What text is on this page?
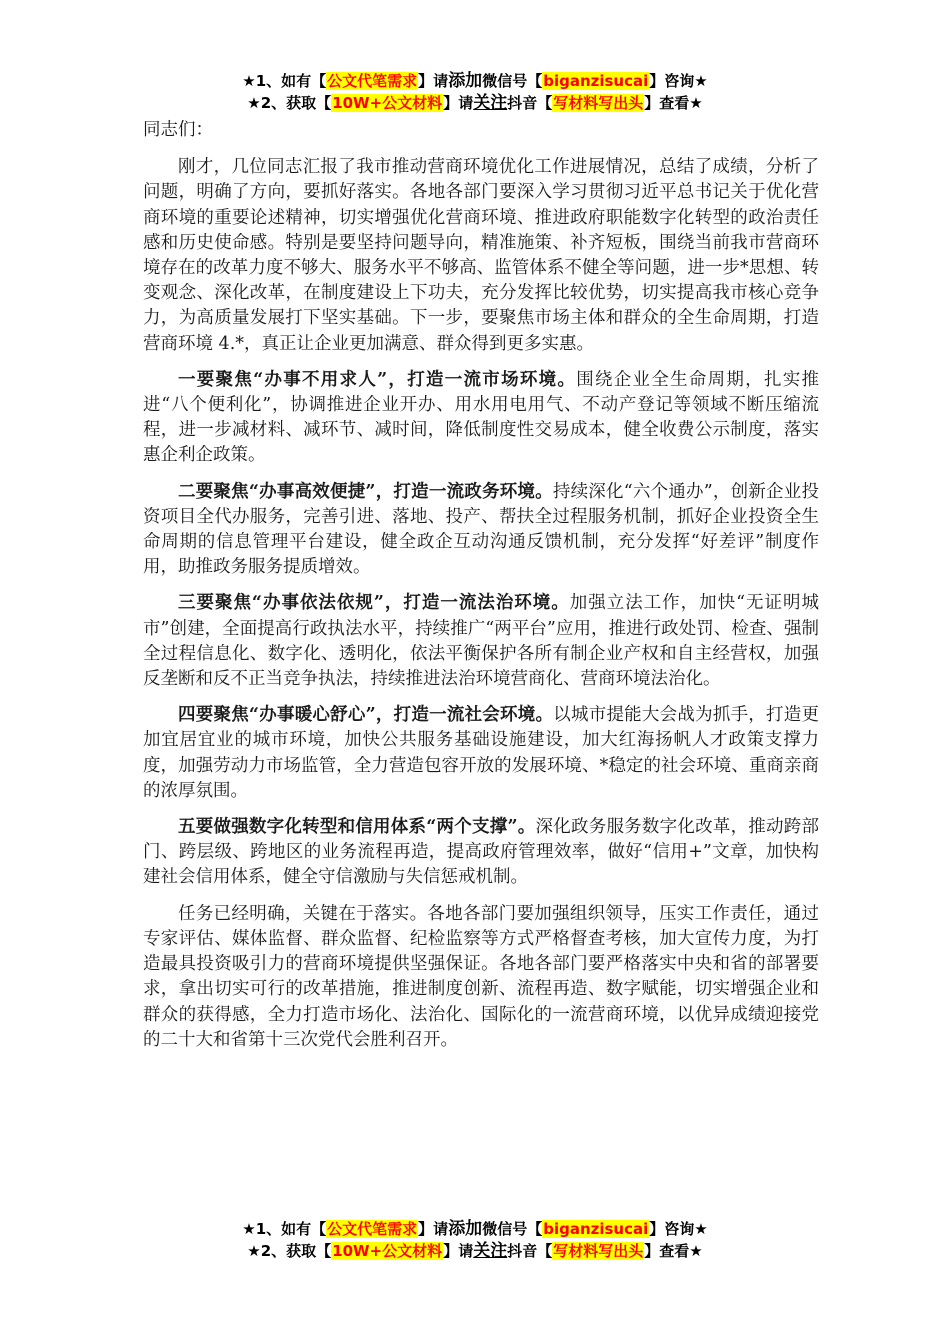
★1、如有【公文代笔需求】请添加微信号【biganzisucai】咨询★
★2、获取【10W+公文材料】请关注抖音【写材料写出头】查看★

同志们：

刚才，几位同志汇报了我市推动营商环境优化工作进展情况，总结了成绩，分析了问题，明确了方向，要抓好落实。各地各部门要深入学习贯彻习近平总书记关于优化营商环境的重要论述精神，切实增强优化营商环境、推进政府职能数字化转型的政治责任感和历史使命感。特别是要坚持问题导向，精准施策、补齐短板，围绕当前我市营商环境存在的改革力度不够大、服务水平不够高、监管体系不健全等问题，进一步*思想、转变观念、深化改革，在制度建设上下功夫，充分发挥比较优势，切实提高我市核心竞争力，为高质量发展打下坚实基础。下一步，要聚焦市场主体和群众的全生命周期，打造营商环境 4.*，真正让企业更加满意、群众得到更多实惠。

一要聚焦“办事不用求人”，打造一流市场环境。围绕企业全生命周期，扎实推进“八个便利化”，协调推进企业开办、用水用电用气、不动产登记等领域不断压缩流程，进一步减材料、减环节、减时间，降低制度性交易成本，健全收费公示制度，落实惠企利企政策。

二要聚焦“办事高效便捷”，打造一流政务环境。持续深化“六个通办”，创新企业投资项目全代办服务，完善引进、落地、投产、帮扶全过程服务机制，抓好企业投资全生命周期的信息管理平台建设，健全政企互动沟通反馈机制，充分发挥“好差评”制度作用，助推政务服务提质增效。

三要聚焦“办事依法依规”，打造一流法治环境。加强立法工作，加快“无证明城市”创建，全面提高行政执法水平，持续推广“两平台”应用，推进行政处罚、检查、强制全过程信息化、数字化、透明化，依法平衡保护各所有制企业产权和自主经营权，加强反垄断和反不正当竞争执法，持续推进法治环境营商化、营商环境法治化。

四要聚焦“办事暖心舒心”，打造一流社会环境。以城市提能大会战为抓手，打造更加宜居宜业的城市环境，加快公共服务基础设施建设，加大红海扬帆人才政策支撑力度，加强劳动力市场监管，全力营造包容开放的发展环境、*稳定的社会环境、重商亲商的浓厚氛围。

五要做强数字化转型和信用体系“两个支撑”。深化政务服务数字化改革，推动跨部门、跨层级、跨地区的业务流程再造，提高政府管理效率，做好“信用+”文章，加快构建社会信用体系，健全守信激励与失信惩戒机制。

任务已经明确，关键在于落实。各地各部门要加强组织领导，压实工作责任，通过专家评估、媒体监督、群众监督、纪检监察等方式严格督查考核，加大宣传力度，为打造最具投资吸引力的营商环境提供坚强保证。各地各部门要严格落实中央和省的部署要求，拿出切实可行的改革措施，推进制度创新、流程再造、数字赋能，切实增强企业和群众的获得感，全力打造市场化、法治化、国际化的一流营商环境，以优异成绩迎接党的二十大和省第十三次党代会胜利召开。

★1、如有【公文代笔需求】请添加微信号【biganzisucai】咨询★
★2、获取【10W+公文材料】请关注抖音【写材料写出头】查看★
